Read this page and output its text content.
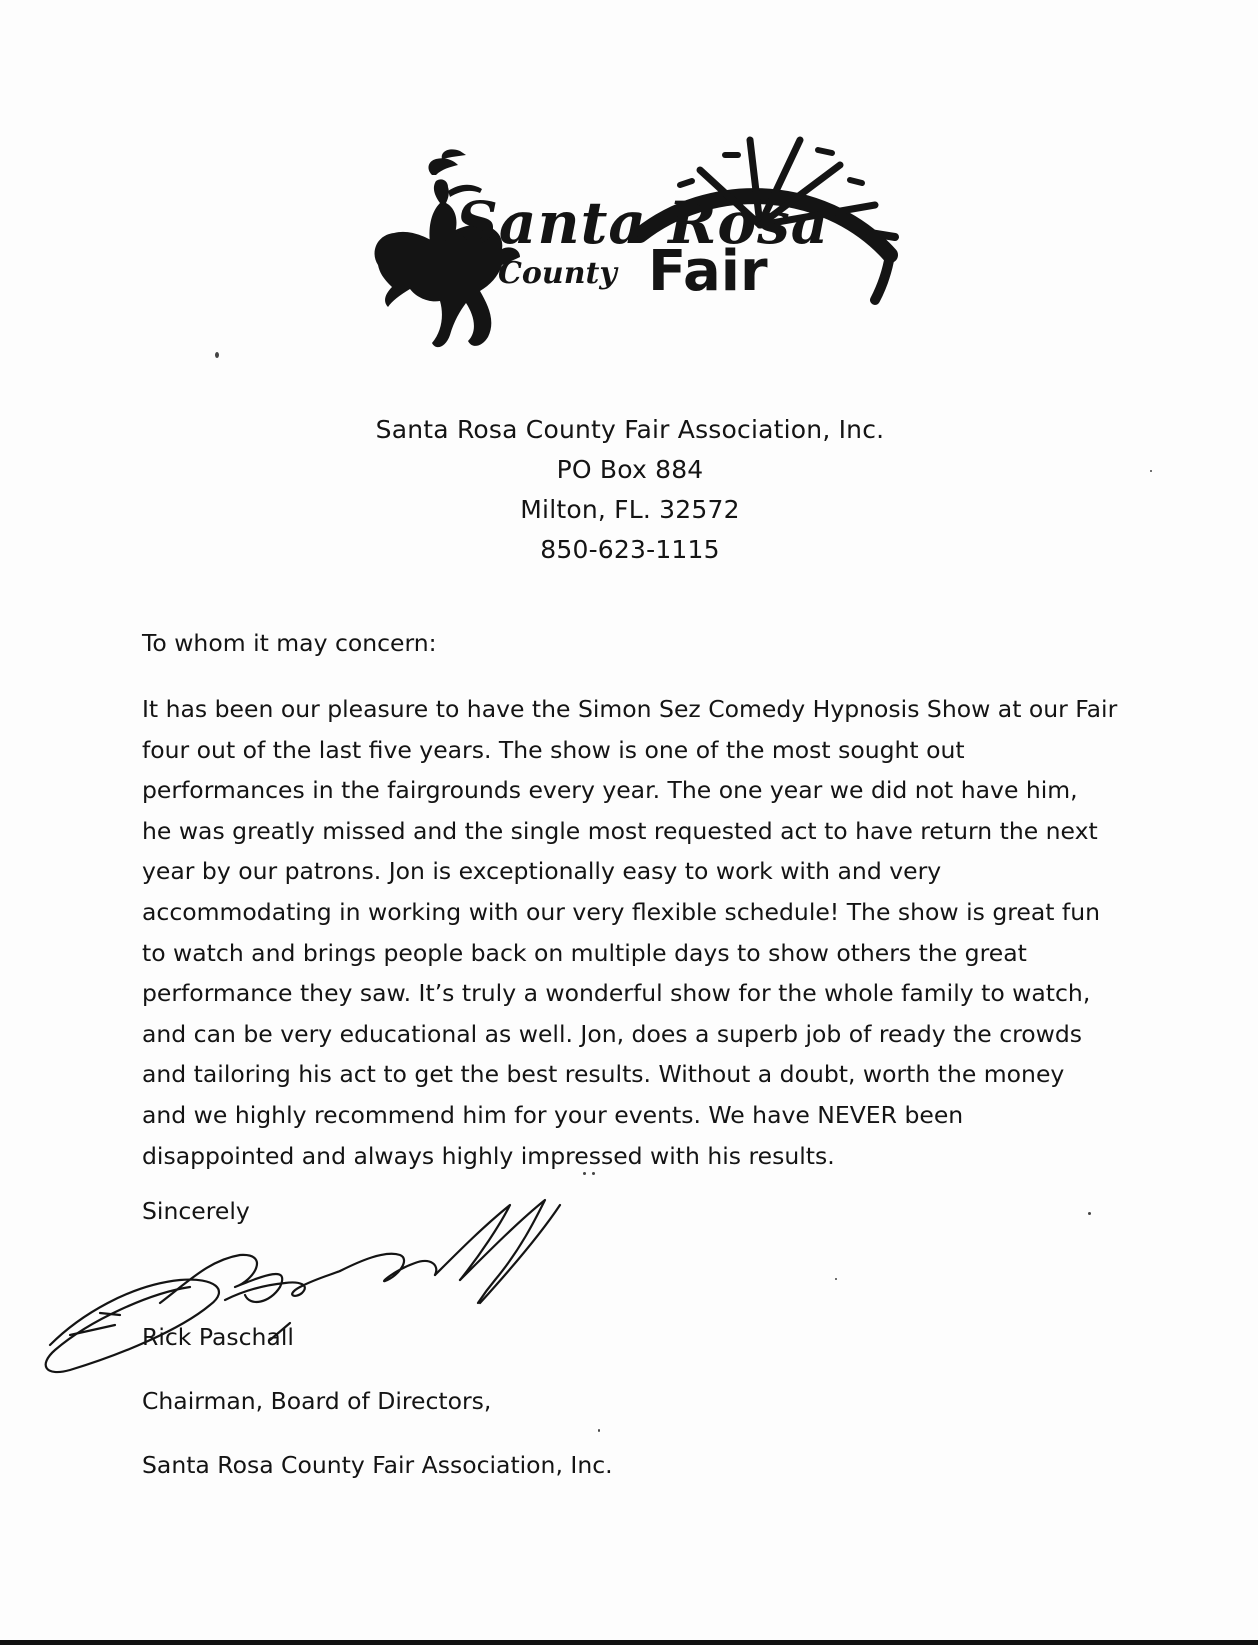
Santa Rosa
County Fair
Santa Rosa County Fair Association, Inc.
PO Box 884
Milton, FL. 32572
850-623-1115
To whom it may concern:
It has been our pleasure to have the Simon Sez Comedy Hypnosis Show at our Fair
four out of the last five years. The show is one of the most sought out
performances in the fairgrounds every year. The one year we did not have him,
he was greatly missed and the single most requested act to have return the next
year by our patrons. Jon is exceptionally easy to work with and very
accommodating in working with our very flexible schedule! The show is great fun
to watch and brings people back on multiple days to show others the great
performance they saw. It’s truly a wonderful show for the whole family to watch,
and can be very educational as well. Jon, does a superb job of ready the crowds
and tailoring his act to get the best results. Without a doubt, worth the money
and we highly recommend him for your events. We have NEVER been
disappointed and always highly impressed with his results.
Sincerely
Rick Paschall
Chairman, Board of Directors,
Santa Rosa County Fair Association, Inc.
